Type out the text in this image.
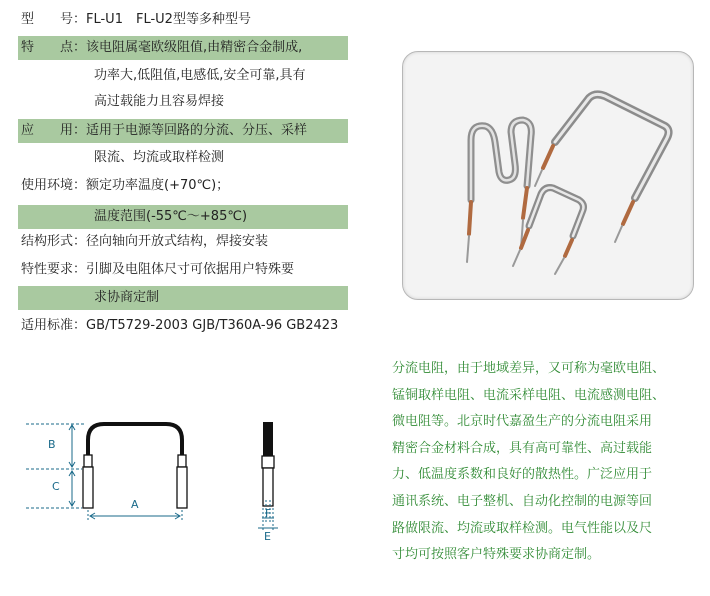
型　　号： FL-U1　FL-U2型等多种型号
特　　点： 该电阻属毫欧级阻值,由精密合金制成,
功率大,低阻值,电感低,安全可靠,具有
高过载能力且容易焊接
应　　用： 适用于电源等回路的分流、分压、采样
限流、均流或取样检测
使用环境： 额定功率温度(+70℃)；
温度范围(-55℃～+85℃)
结构形式： 径向轴向开放式结构，焊接安装
特性要求： 引脚及电阻体尺寸可依据用户特殊要
求协商定制
适用标准： GB/T5729-2003 GJB/T360A-96 GB2423
B
C
A
F
E
分流电阻，由于地域差异，又可称为毫欧电阻、
锰铜取样电阻、电流采样电阻、电流感测电阻、
微电阻等。北京时代嘉盈生产的分流电阻采用
精密合金材料合成，具有高可靠性、高过载能
力、低温度系数和良好的散热性。广泛应用于
通讯系统、电子整机、自动化控制的电源等回
路做限流、均流或取样检测。电气性能以及尺
寸均可按照客户特殊要求协商定制。
